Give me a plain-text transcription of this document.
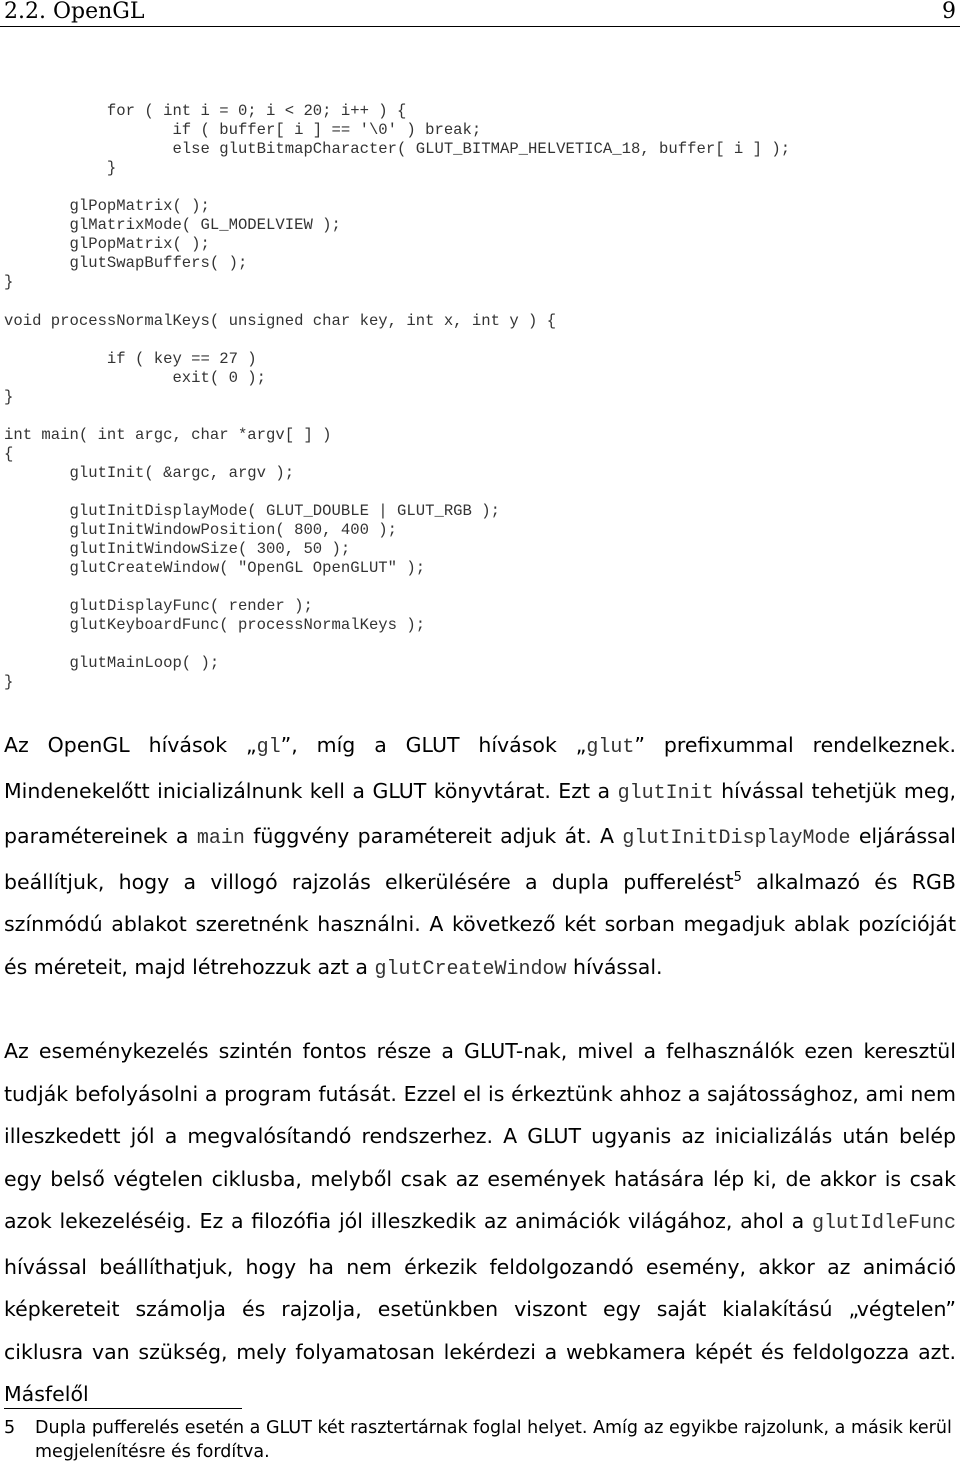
2.2. OpenGL	9
for ( int i = 0; i < 20; i++ ) {
if ( buffer[ i ] == '\0' ) break;
else glutBitmapCharacter( GLUT_BITMAP_HELVETICA_18, buffer[ i ] );
}

glPopMatrix( );
glMatrixMode( GL_MODELVIEW );
glPopMatrix( );
glutSwapBuffers( );
}

void processNormalKeys( unsigned char key, int x, int y ) {

if ( key == 27 )
exit( 0 );
}

int main( int argc, char *argv[ ] )
{
glutInit( &argc, argv );

glutInitDisplayMode( GLUT_DOUBLE | GLUT_RGB );
glutInitWindowPosition( 800, 400 );
glutInitWindowSize( 300, 50 );
glutCreateWindow( "OpenGL OpenGLUT" );

glutDisplayFunc( render );
glutKeyboardFunc( processNormalKeys );

glutMainLoop( );
}

Az OpenGL hívások „gl”, míg a GLUT hívások „glut” prefixummal rendelkeznek. Mindenekelőtt inicializálnunk kell a GLUT könyvtárat. Ezt a glutInit hívással tehetjük meg, paramétereinek a main függvény paramétereit adjuk át. A glutInitDisplayMode eljárással beállítjuk, hogy a villogó rajzolás elkerülésére a dupla pufferelést$^5$ alkalmazó és RGB színmódú ablakot szeretnénk használni. A következő két sorban megadjuk ablak pozícióját és méreteit, majd létrehozzuk azt a glutCreateWindow hívással.

Az eseménykezelés szintén fontos része a GLUT-nak, mivel a felhasználók ezen keresztül tudják befolyásolni a program futását. Ezzel el is érkeztünk ahhoz a sajátossághoz, ami nem illeszkedett jól a megvalósítandó rendszerhez. A GLUT ugyanis az inicializálás után belép egy belső végtelen ciklusba, melyből csak az események hatására lép ki, de akkor is csak azok lekezeléséig. Ez a filozófia jól illeszkedik az animációk világához, ahol a glutIdleFunc hívással beállíthatjuk, hogy ha nem érkezik feldolgozandó esemény, akkor az animáció képkereteit számolja és rajzolja, esetünkben viszont egy saját kialakítású „végtelen” ciklusra van szükség, mely folyamatosan lekérdezi a webkamera képét és feldolgozza azt. Másfelől

5 Dupla pufferelés esetén a GLUT két rasztertárnak foglal helyet. Amíg az egyikbe rajzolunk, a másik kerül megjelenítésre és fordítva.
